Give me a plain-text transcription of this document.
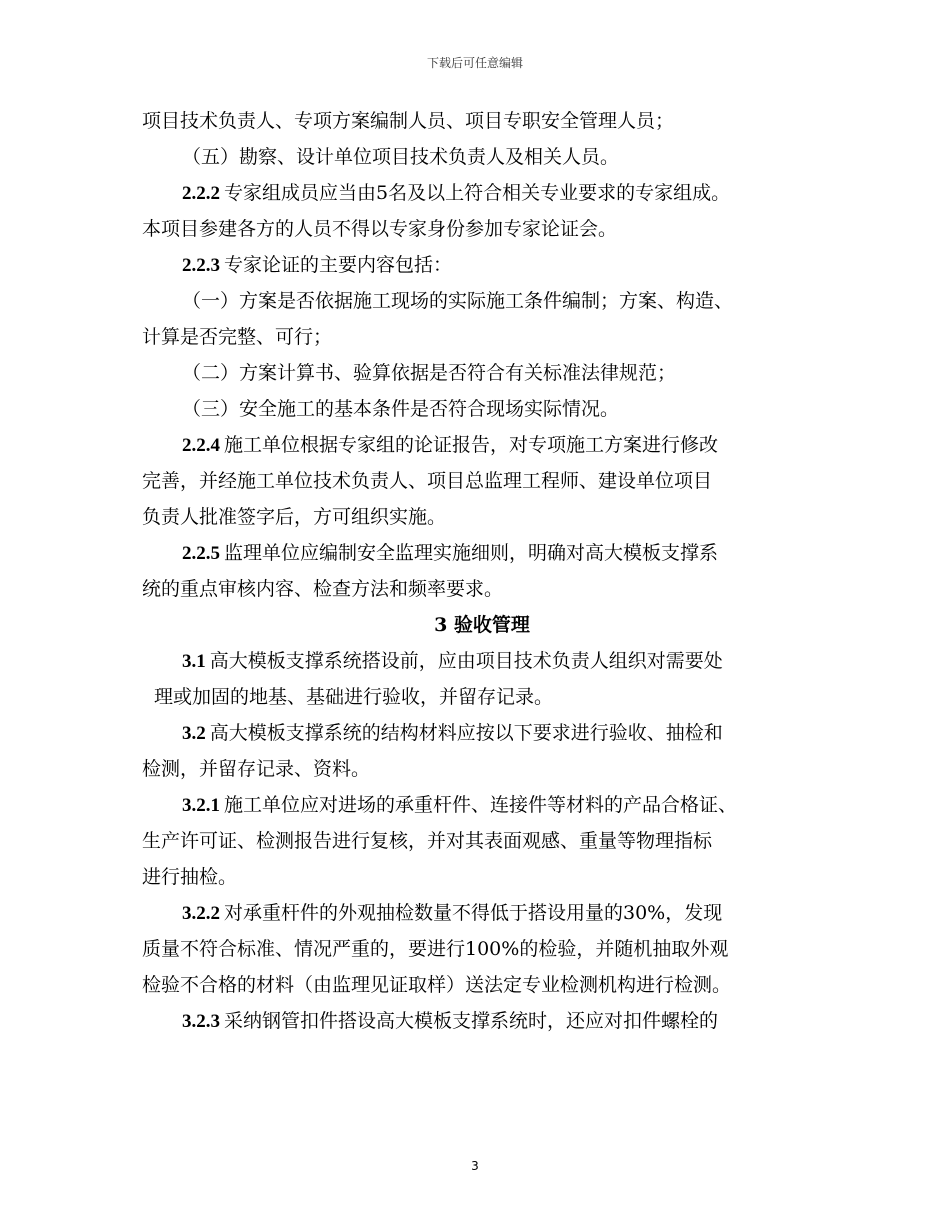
下载后可任意编辑
项目技术负责人、专项方案编制人员、项目专职安全管理人员；
（五）勘察、设计单位项目技术负责人及相关人员。
2.2.2 专家组成员应当由5名及以上符合相关专业要求的专家组成。
本项目参建各方的人员不得以专家身份参加专家论证会。
2.2.3 专家论证的主要内容包括：
（一）方案是否依据施工现场的实际施工条件编制；方案、构造、
计算是否完整、可行；
（二）方案计算书、验算依据是否符合有关标准法律规范；
（三）安全施工的基本条件是否符合现场实际情况。
2.2.4 施工单位根据专家组的论证报告，对专项施工方案进行修改
完善，并经施工单位技术负责人、项目总监理工程师、建设单位项目
负责人批准签字后，方可组织实施。
2.2.5 监理单位应编制安全监理实施细则，明确对高大模板支撑系
统的重点审核内容、检查方法和频率要求。
3 验收管理
3.1 高大模板支撑系统搭设前，应由项目技术负责人组织对需要处
理或加固的地基、基础进行验收，并留存记录。
3.2 高大模板支撑系统的结构材料应按以下要求进行验收、抽检和
检测，并留存记录、资料。
3.2.1 施工单位应对进场的承重杆件、连接件等材料的产品合格证、
生产许可证、检测报告进行复核，并对其表面观感、重量等物理指标
进行抽检。
3.2.2 对承重杆件的外观抽检数量不得低于搭设用量的30%，发现
质量不符合标准、情况严重的，要进行100%的检验，并随机抽取外观
检验不合格的材料（由监理见证取样）送法定专业检测机构进行检测。
3.2.3 采纳钢管扣件搭设高大模板支撑系统时，还应对扣件螺栓的
3
